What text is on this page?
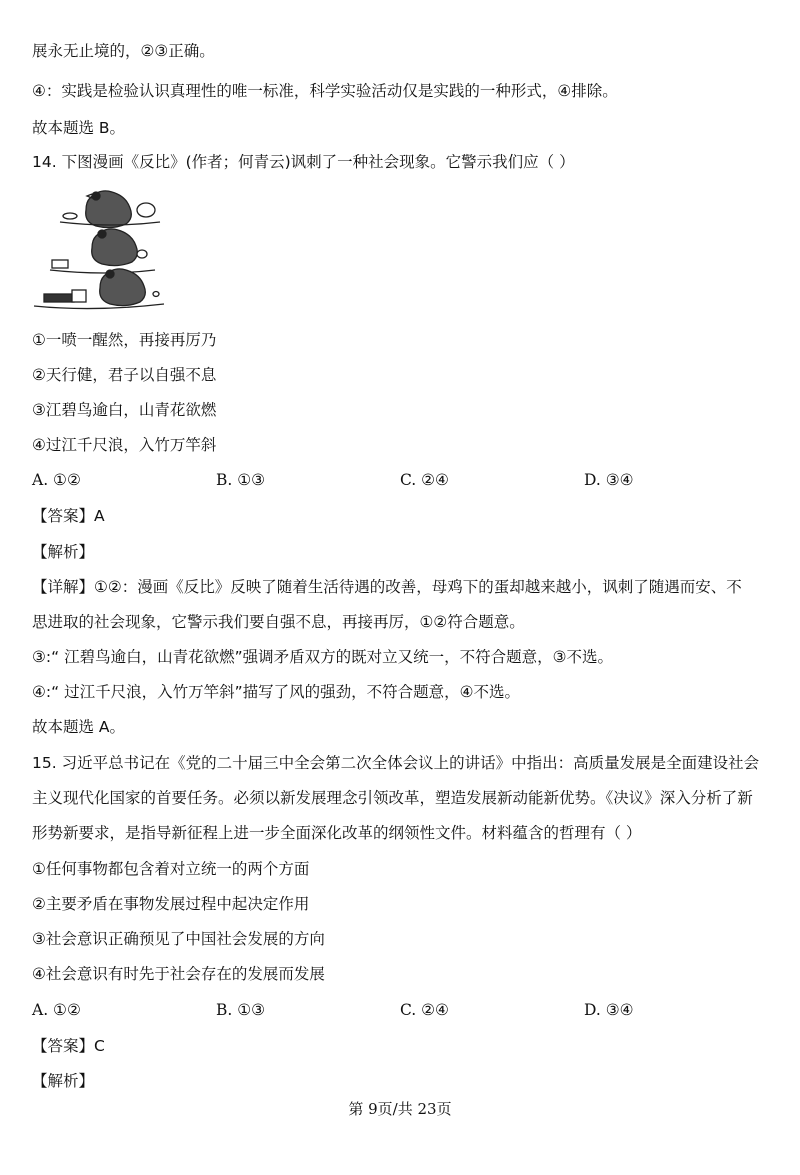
展永无止境的，②③正确。
④：实践是检验认识真理性的唯一标准，科学实验活动仅是实践的一种形式，④排除。
故本题选 B。
14. 下图漫画《反比》(作者；何青云)讽刺了一种社会现象。它警示我们应（ ）
①一喷一醒然，再接再厉乃
②天行健，君子以自强不息
③江碧鸟逾白，山青花欲燃
④过江千尺浪，入竹万竿斜
A. ①②	B. ①③	C. ②④	D. ③④
【答案】A
【解析】
【详解】①②：漫画《反比》反映了随着生活待遇的改善，母鸡下的蛋却越来越小，讽刺了随遇而安、不
思进取的社会现象，它警示我们要自强不息，再接再厉，①②符合题意。
③:“ 江碧鸟逾白，山青花欲燃”强调矛盾双方的既对立又统一，不符合题意，③不选。
④:“ 过江千尺浪，入竹万竿斜”描写了风的强劲，不符合题意，④不选。
故本题选 A。
15. 习近平总书记在《党的二十届三中全会第二次全体会议上的讲话》中指出：高质量发展是全面建设社会
主义现代化国家的首要任务。必须以新发展理念引领改革，塑造发展新动能新优势。《决议》深入分析了新
形势新要求，是指导新征程上进一步全面深化改革的纲领性文件。材料蕴含的哲理有（ ）
①任何事物都包含着对立统一的两个方面
②主要矛盾在事物发展过程中起决定作用
③社会意识正确预见了中国社会发展的方向
④社会意识有时先于社会存在的发展而发展
A. ①②	B. ①③	C. ②④	D. ③④
【答案】C
【解析】
第 9页/共 23页
